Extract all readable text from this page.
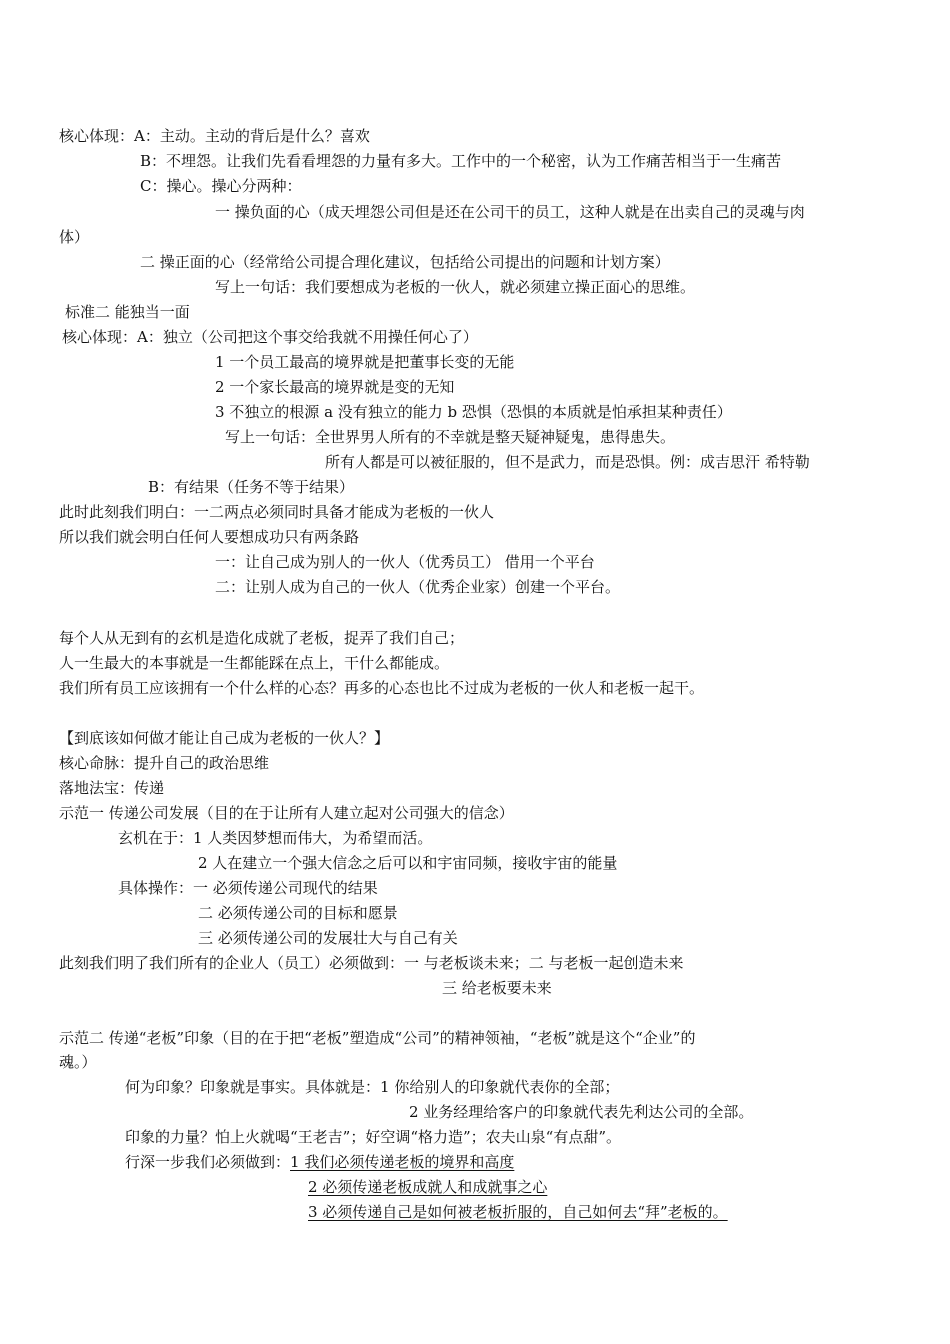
核心体现：A：主动。主动的背后是什么？喜欢
B：不埋怨。让我们先看看埋怨的力量有多大。工作中的一个秘密，认为工作痛苦相当于一生痛苦
C：操心。操心分两种：
一 操负面的心（成天埋怨公司但是还在公司干的员工，这种人就是在出卖自己的灵魂与肉
体）
二 操正面的心（经常给公司提合理化建议，包括给公司提出的问题和计划方案）
写上一句话：我们要想成为老板的一伙人，就必须建立操正面心的思维。
标准二 能独当一面
核心体现：A：独立（公司把这个事交给我就不用操任何心了）
1 一个员工最高的境界就是把董事长变的无能
2 一个家长最高的境界就是变的无知
3 不独立的根源 a 没有独立的能力 b 恐惧（恐惧的本质就是怕承担某种责任）
写上一句话：全世界男人所有的不幸就是整天疑神疑鬼，患得患失。
所有人都是可以被征服的，但不是武力，而是恐惧。例：成吉思汗 希特勒
B：有结果（任务不等于结果）
此时此刻我们明白：一二两点必须同时具备才能成为老板的一伙人
所以我们就会明白任何人要想成功只有两条路
一：让自己成为别人的一伙人（优秀员工） 借用一个平台
二：让别人成为自己的一伙人（优秀企业家）创建一个平台。
每个人从无到有的玄机是造化成就了老板，捉弄了我们自己；
人一生最大的本事就是一生都能踩在点上，干什么都能成。
我们所有员工应该拥有一个什么样的心态？再多的心态也比不过成为老板的一伙人和老板一起干。
【到底该如何做才能让自己成为老板的一伙人？】
核心命脉：提升自己的政治思维
落地法宝：传递
示范一 传递公司发展（目的在于让所有人建立起对公司强大的信念）
玄机在于：1 人类因梦想而伟大，为希望而活。
2 人在建立一个强大信念之后可以和宇宙同频，接收宇宙的能量
具体操作：一 必须传递公司现代的结果
二 必须传递公司的目标和愿景
三 必须传递公司的发展壮大与自己有关
此刻我们明了我们所有的企业人（员工）必须做到：一 与老板谈未来；二 与老板一起创造未来
三 给老板要未来
示范二 传递“老板”印象（目的在于把“老板”塑造成“公司”的精神领袖，“老板”就是这个“企业”的
魂。）
何为印象？印象就是事实。具体就是：1 你给别人的印象就代表你的全部；
2 业务经理给客户的印象就代表先利达公司的全部。
印象的力量？怕上火就喝“王老吉”；好空调“格力造”；农夫山泉“有点甜”。
行深一步我们必须做到：1 我们必须传递老板的境界和高度
2 必须传递老板成就人和成就事之心
3 必须传递自己是如何被老板折服的，自己如何去“拜”老板的。
